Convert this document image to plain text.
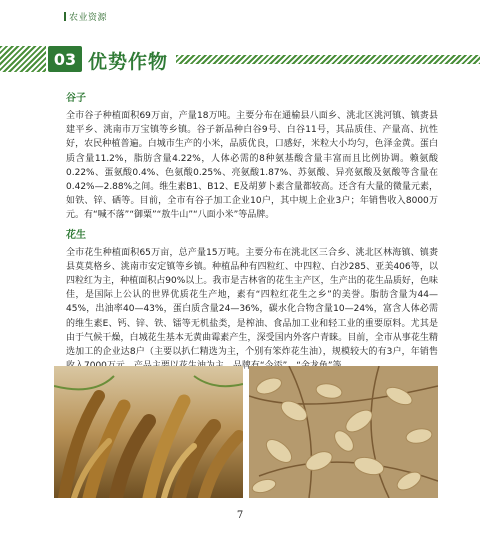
农业资源
03 优势作物

谷子

全市谷子种植面积69万亩，产量18万吨。主要分布在通榆县八面乡、洮北区洮河镇、镇赉县建平乡、洮南市万宝镇等乡镇。谷子新品种白谷9号、白谷11号，其品质佳、产量高、抗性好，农民种植普遍。白城市生产的小米，品质优良，口感好，米粒大小均匀，色泽金黄。蛋白质含量11.2%，脂肪含量4.22%，人体必需的8种氨基酸含量丰富而且比例协调。赖氨酸0.22%、蛋氨酸0.4%、色氨酸0.25%、亮氨酸1.87%、苏氨酸、异亮氨酸及氨酸等含量在0.42%—2.88%之间。维生素B1、B12、E及胡萝卜素含量都较高。还含有大量的微量元素，如铁、锌、硒等。目前，全市有谷子加工企业10户，其中规上企业3户；年销售收入8000万元。有“喊不落”“御粟”“敖牛山”“八面小米”等品牌。

花生

全市花生种植面积65万亩，总产量15万吨。主要分布在洮北区三合乡、洮北区林海镇、镇赉县莫莫格乡、洮南市安定镇等乡镇。种植品种有四粒红、中四粒、白沙285、亚美406等，以四粒红为主，种植面积占90%以上。我市是吉林省的花生主产区，生产出的花生品质好，色味佳，是国际上公认的世界优质花生产地，素有“四粒红花生之乡”的美誉。脂肪含量为44—45%，出油率40—43%，蛋白质含量24—36%，碳水化合物含量10—24%，富含人体必需的维生素E、钙、锌、铁、镭等无机盐类，是榨油、食品加工业和轻工业的重要原料。尤其是由于气候干燥，白城花生基本无黄曲霉素产生，深受国内外客户青睐。目前，全市从事花生精选加工的企业达8户（主要以扒仁精选为主，个别有笨炸花生油），规模较大的有3户，年销售 品牌有

7
